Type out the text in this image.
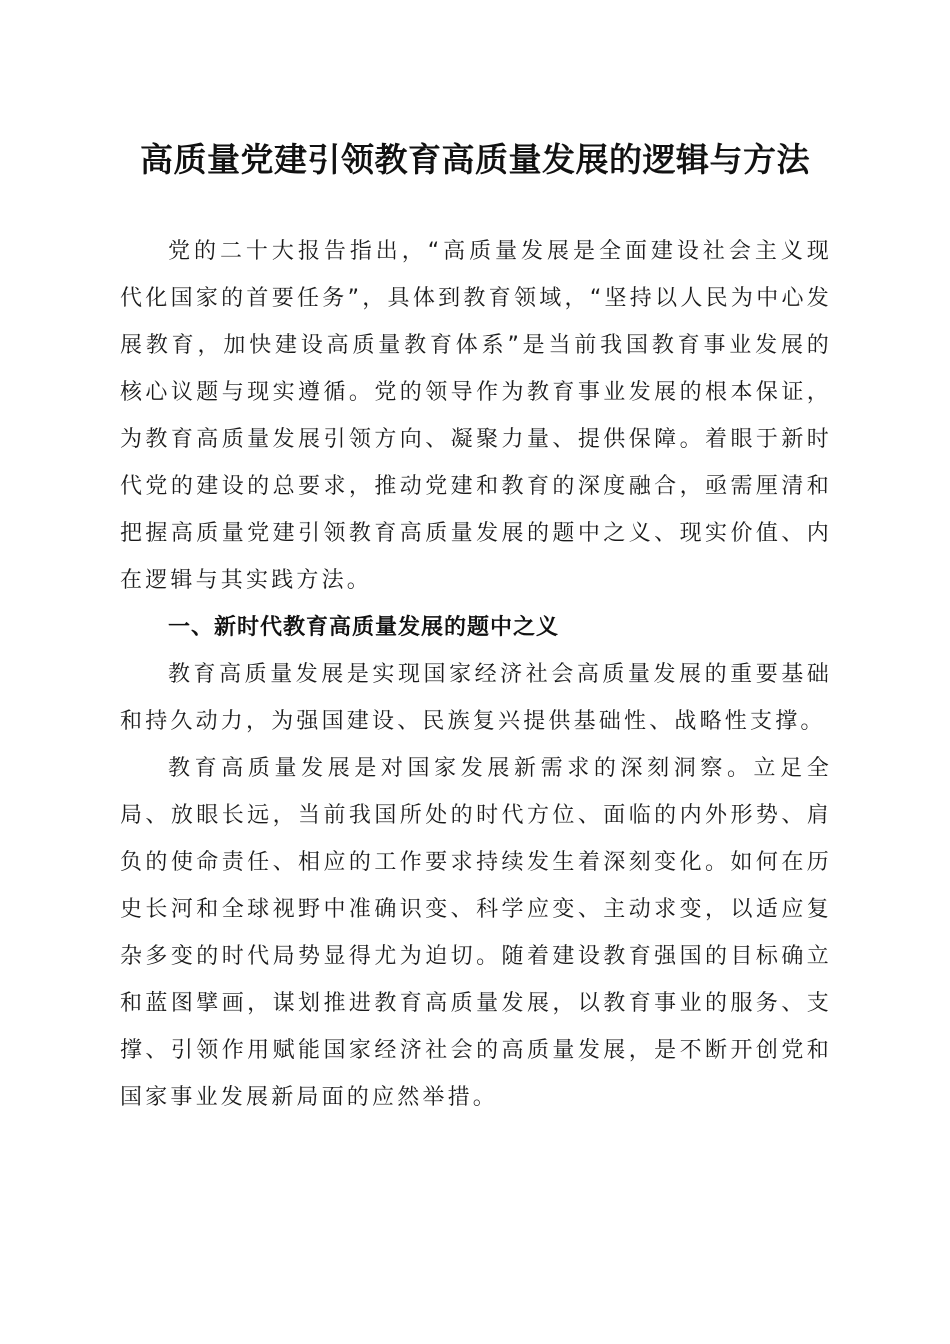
高质量党建引领教育高质量发展的逻辑与方法

党的二十大报告指出，“高质量发展是全面建设社会主义现代化国家的首要任务”，具体到教育领域，“坚持以人民为中心发展教育，加快建设高质量教育体系”是当前我国教育事业发展的核心议题与现实遵循。党的领导作为教育事业发展的根本保证，为教育高质量发展引领方向、凝聚力量、提供保障。着眼于新时代党的建设的总要求，推动党建和教育的深度融合，亟需厘清和把握高质量党建引领教育高质量发展的题中之义、现实价值、内在逻辑与其实践方法。

一、新时代教育高质量发展的题中之义

教育高质量发展是实现国家经济社会高质量发展的重要基础和持久动力，为强国建设、民族复兴提供基础性、战略性支撑。

教育高质量发展是对国家发展新需求的深刻洞察。立足全局、放眼长远，当前我国所处的时代方位、面临的内外形势、肩负的使命责任、相应的工作要求持续发生着深刻变化。如何在历史长河和全球视野中准确识变、科学应变、主动求变，以适应复杂多变的时代局势显得尤为迫切。随着建设教育强国的目标确立和蓝图擘画，谋划推进教育高质量发展，以教育事业的服务、支撑、引领作用赋能国家经济社会的高质量发展，是不断开创党和国家事业发展新局面的应然举措。
